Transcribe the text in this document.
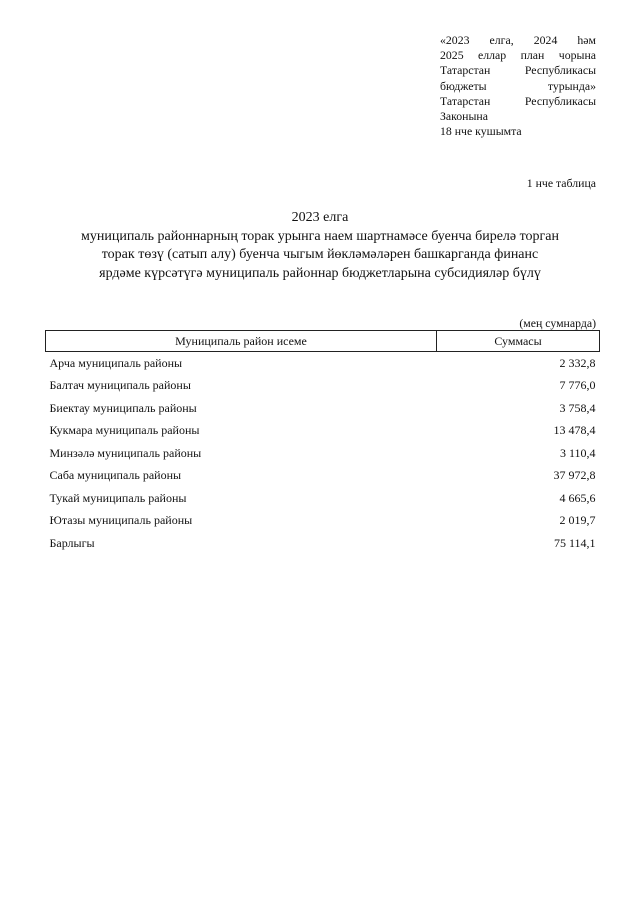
«2023 елга, 2024 һәм
2025 еллар план чорына
Татарстан Республикасы
бюджеты турында»
Татарстан Республикасы
Законына
18 нче кушымта
1 нче таблица
2023 елга
муниципаль районнарның торак урынга наем шартнамәсе буенча бирелә торган торак төзү (сатып алу) буенча чыгым йөкләмәләрен башкарганда финанс ярдәме күрсәтүгә муниципаль районнар бюджетларына субсидияләр бүлү
(мең сумнарда)
Муниципаль район исеме	Суммасы
Арча муниципаль районы	2 332,8
Балтач муниципаль районы	7 776,0
Биектау муниципаль районы	3 758,4
Кукмара муниципаль районы	13 478,4
Минзәлә муниципаль районы	3 110,4
Саба муниципаль районы	37 972,8
Тукай муниципаль районы	4 665,6
Ютазы муниципаль районы	2 019,7
Барлыгы	75 114,1
